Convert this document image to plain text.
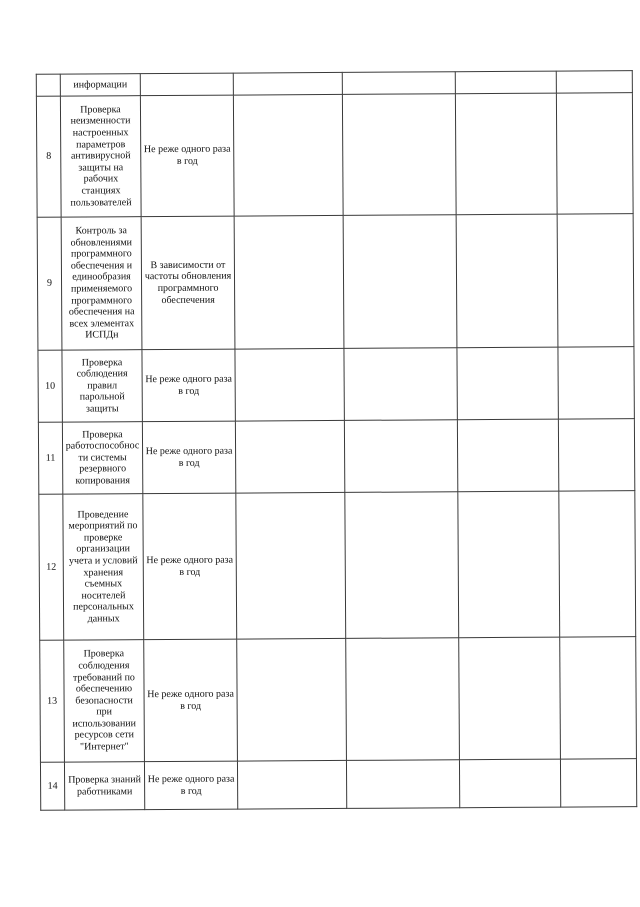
	информации					
8	Проверка неизменности настроенных параметров антивирусной защиты на рабочих станциях пользователей	Не реже одного раза в год				
9	Контроль за обновлениями программного обеспечения и единообразия применяемого программного обеспечения на всех элементах ИСПДн	В зависимости от частоты обновления программного обеспечения				
10	Проверка соблюдения правил парольной защиты	Не реже одного раза в год				
11	Проверка работоспособности системы резервного копирования	Не реже одного раза в год				
12	Проведение мероприятий по проверке организации учета и условий хранения съемных носителей персональных данных	Не реже одного раза в год				
13	Проверка соблюдения требований по обеспечению безопасности при использовании ресурсов сети "Интернет"	Не реже одного раза в год				
14	Проверка знаний работниками	Не реже одного раза в год				
